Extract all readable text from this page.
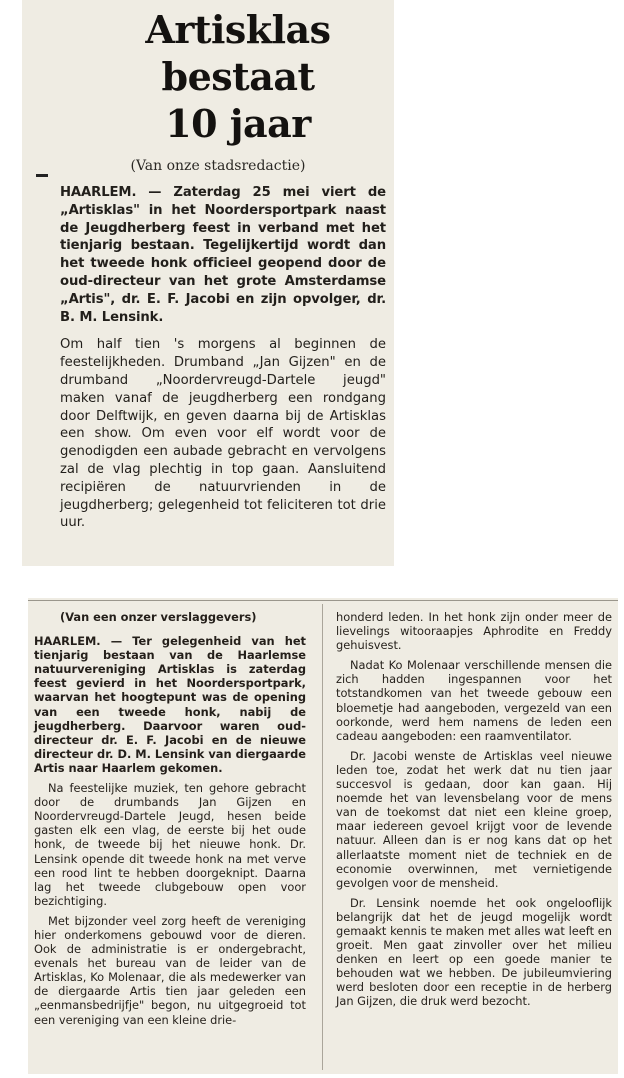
Artisklas bestaat 10 jaar

(Van onze stadsredactie)

HAARLEM. — Zaterdag 25 mei viert de „Artisklas" in het Noordersportpark naast de Jeugdherberg feest in verband met het tienjarig bestaan. Tegelijkertijd wordt dan het tweede honk officieel geopend door de oud-directeur van het grote Amsterdamse „Artis", dr. E. F. Jacobi en zijn opvolger, dr. B. M. Lensink.

Om half tien 's morgens al beginnen de feestelijkheden. Drumband „Jan Gijzen" en de drumband „Noordervreugd-Dartele jeugd" maken vanaf de jeugdherberg een rondgang door Delftwijk, en geven daarna bij de Artisklas een show. Om even voor elf wordt voor de genodigden een aubade gebracht en vervolgens zal de vlag plechtig in top gaan. Aansluitend recipiëren de natuurvrienden in de jeugdherberg; gelegenheid tot feliciteren tot drie uur.

(Van een onzer verslaggevers)

HAARLEM. — Ter gelegenheid van het tienjarig bestaan van de Haarlemse natuurvereniging Artisklas is zaterdag feest gevierd in het Noordersportpark, waarvan het hoogtepunt was de opening van een tweede honk, nabij de jeugdherberg. Daarvoor waren oud-directeur dr. E. F. Jacobi en de nieuwe directeur dr. D. M. Lensink van diergaarde Artis naar Haarlem gekomen.

Na feestelijke muziek, ten gehore gebracht door de drumbands Jan Gijzen en Noordervreugd-Dartele Jeugd, hesen beide gasten elk een vlag, de eerste bij het oude honk, de tweede bij het nieuwe honk. Dr. Lensink opende dit tweede honk na met verve een rood lint te hebben doorgeknipt. Daarna lag het tweede clubgebouw open voor bezichtiging.

Met bijzonder veel zorg heeft de vereniging hier onderkomens gebouwd voor de dieren. Ook de administratie is er ondergebracht, evenals het bureau van de leider van de Artisklas, Ko Molenaar, die als medewerker van de diergaarde Artis tien jaar geleden een „eenmansbedrijfje" begon, nu uitgegroeid tot een vereniging van een kleine drie-

honderd leden. In het honk zijn onder meer de lievelings witooraapjes Aphrodite en Freddy gehuisvest.

Nadat Ko Molenaar verschillende mensen die zich hadden ingespannen voor het totstandkomen van het tweede gebouw een bloemetje had aangeboden, vergezeld van een oorkonde, werd hem namens de leden een cadeau aangeboden: een raamventilator.

Dr. Jacobi wenste de Artisklas veel nieuwe leden toe, zodat het werk dat nu tien jaar succesvol is gedaan, door kan gaan. Hij noemde het van levensbelang voor de mens van de toekomst dat niet een kleine groep, maar iedereen gevoel krijgt voor de levende natuur. Alleen dan is er nog kans dat op het allerlaatste moment niet de techniek en de economie overwinnen, met vernietigende gevolgen voor de mensheid.

Dr. Lensink noemde het ook ongelooflijk belangrijk dat het de jeugd mogelijk wordt gemaakt kennis te maken met alles wat leeft en groeit. Men gaat zinvoller over het milieu denken en leert op een goede manier te behouden wat we hebben. De jubileumviering werd besloten door een receptie in de herberg Jan Gijzen, die druk werd bezocht.
